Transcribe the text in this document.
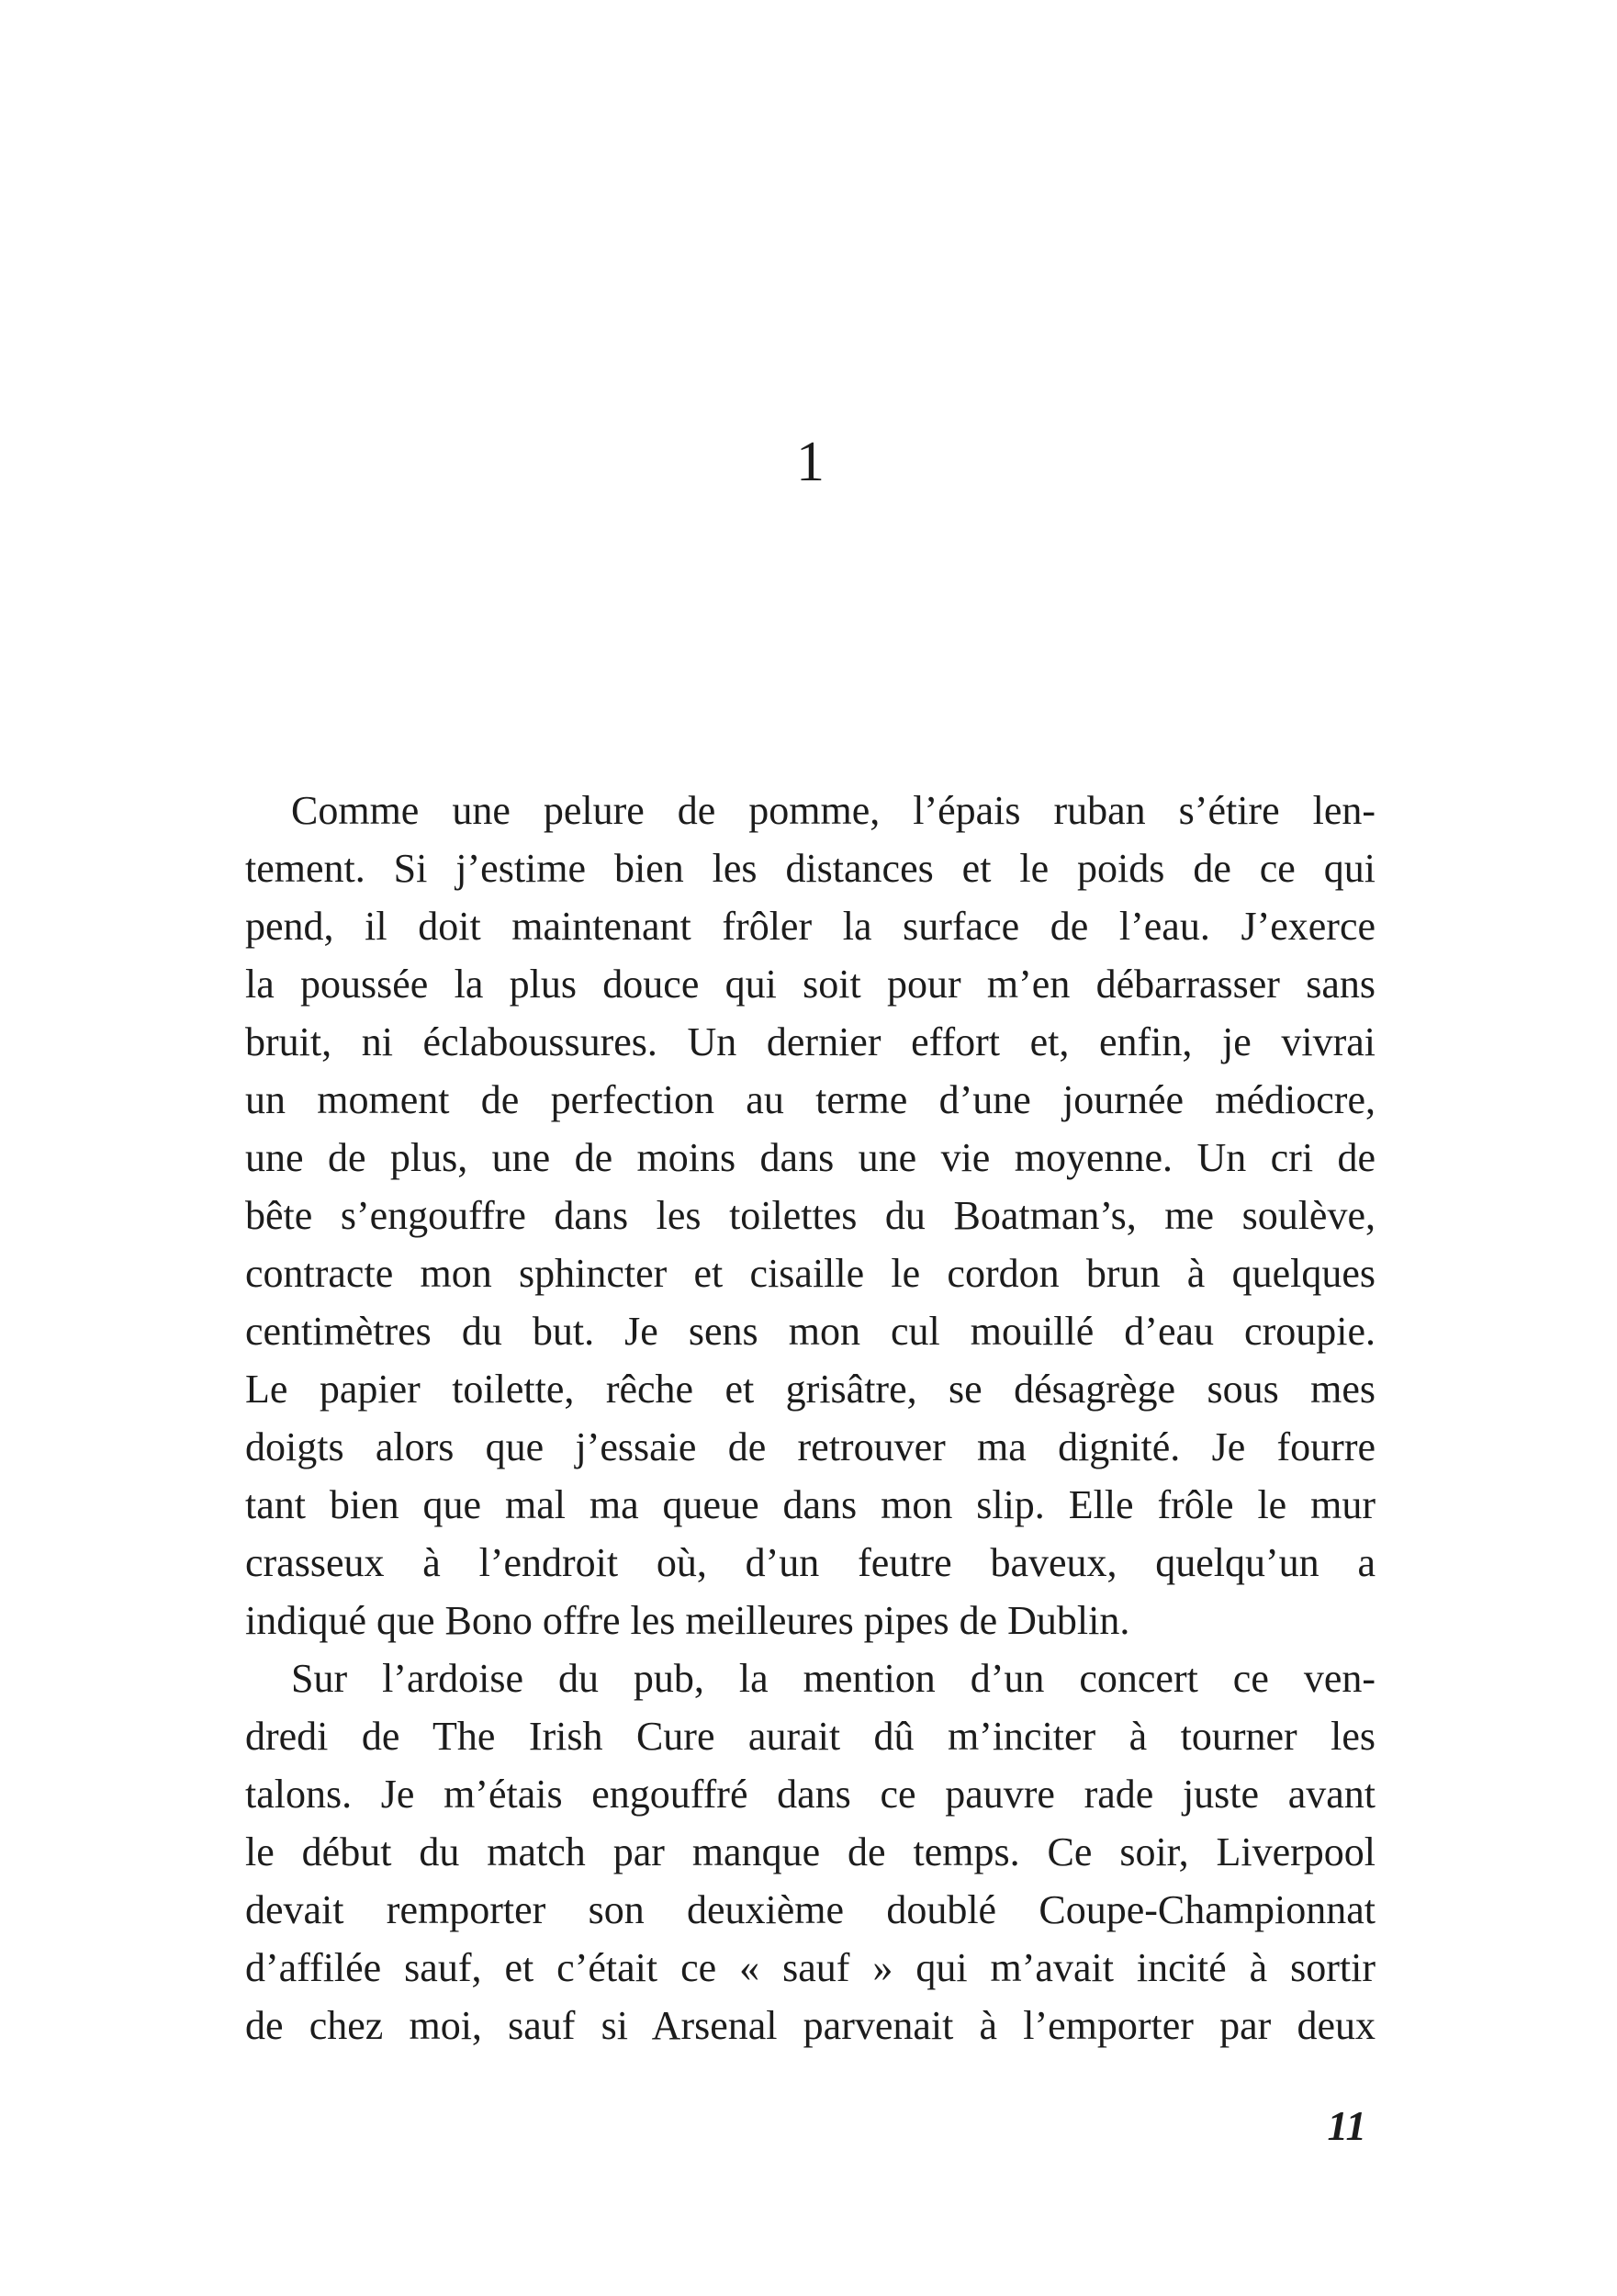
1
Comme une pelure de pomme, l’épais ruban s’étire len-
tement. Si j’estime bien les distances et le poids de ce qui
pend, il doit maintenant frôler la surface de l’eau. J’exerce
la poussée la plus douce qui soit pour m’en débarrasser sans
bruit, ni éclaboussures. Un dernier effort et, enfin, je vivrai
un moment de perfection au terme d’une journée médiocre,
une de plus, une de moins dans une vie moyenne. Un cri de
bête s’engouffre dans les toilettes du Boatman’s, me soulève,
contracte mon sphincter et cisaille le cordon brun à quelques
centimètres du but. Je sens mon cul mouillé d’eau croupie.
Le papier toilette, rêche et grisâtre, se désagrège sous mes
doigts alors que j’essaie de retrouver ma dignité. Je fourre
tant bien que mal ma queue dans mon slip. Elle frôle le mur
crasseux à l’endroit où, d’un feutre baveux, quelqu’un a
indiqué que Bono offre les meilleures pipes de Dublin.
Sur l’ardoise du pub, la mention d’un concert ce ven-
dredi de The Irish Cure aurait dû m’inciter à tourner les
talons. Je m’étais engouffré dans ce pauvre rade juste avant
le début du match par manque de temps. Ce soir, Liverpool
devait remporter son deuxième doublé Coupe-Championnat
d’affilée sauf, et c’était ce « sauf » qui m’avait incité à sortir
de chez moi, sauf si Arsenal parvenait à l’emporter par deux
11
